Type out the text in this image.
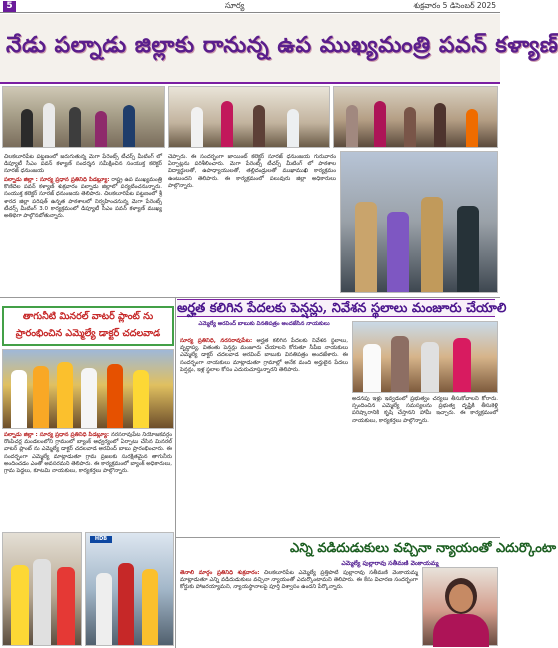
5	సూర్య	శుక్రవారం 5 డిసెంబర్ 2025
నేడు పల్నాడు జిల్లాకు రానున్న ఉప ముఖ్యమంత్రి పవన్ కళ్యాణ్
చిలకలూరిపేట పట్టణంలో జరుగుతున్న మెగా పేరెంట్స్ టీచర్స్ మీటింగ్ లో డిప్యూటీ సీఎం పవన్ కళ్యాణ్ సందర్శన సమీక్షించిన సంయుక్త కలెక్టర్ సూరజ్ ధనుంజయ
పల్నాడు జిల్లా : సూర్య ప్రధాన ప్రతినిధి పిడబ్ల్యూ: రాష్ట్ర ఉప ముఖ్యమంత్రి కొణిదెల పవన్ కళ్యాణ్ శుక్రవారం పల్నాడు జిల్లాలో పర్యటించనున్నారు. సంయుక్త కలెక్టర్ సూరజ్ ధనుంజయ తెలిపారు. చిలకలూరిపేట పట్టణంలో శ్రీ శారద జిల్లా పరిషత్ ఉన్నత పాఠశాలలో నిర్వహించనున్న మెగా పేరెంట్స్ టీచర్స్ మీటింగ్ 3.0 కార్యక్రమంలో డిప్యూటీ సీఎం పవన్ కళ్యాణ్ ముఖ్య అతిథిగా పాల్గొనబోతున్నారు.
చెప్పారు. ఈ సందర్భంగా జాయింట్ కలెక్టర్ సూరజ్ ధనుంజయ గురువారం ఏర్పాట్లను పరిశీలించారు. మెగా పేరెంట్స్ టీచర్స్ మీటింగ్ లో పాఠశాల విద్యార్థులతో, ఉపాధ్యాయులతో, తల్లిదండ్రులతో ముఖాముఖి కార్యక్రమం ఉంటుందని తెలిపారు. ఈ కార్యక్రమంలో పలువురు జిల్లా అధికారులు పాల్గొన్నారు.
తాగునీటి మినరల్ వాటర్ ప్లాంట్ ను
ప్రారంభించిన ఎమ్మెల్యే డాక్టర్ చదలవాడ
పల్నాడు జిల్లా : సూర్య ప్రధాన ప్రతినిధి పిడబ్ల్యూ: నరసరావుపేట నియోజకవర్గం రొంపిచర్ల మండలంలోని గ్రామంలో బ్యాంక్ ఆధ్వర్యంలో ఏర్పాటు చేసిన మినరల్ వాటర్ ప్లాంట్ ను ఎమ్మెల్యే డాక్టర్ చదలవాడ అరవింద్ బాబు ప్రారంభించారు. ఈ సందర్భంగా ఎమ్మెల్యే మాట్లాడుతూ గ్రామ ప్రజలకు సురక్షితమైన తాగునీరు అందించడం ఎంతో అవసరమని తెలిపారు. ఈ కార్యక్రమంలో బ్యాంక్ అధికారులు, గ్రామ పెద్దలు, కూటమి నాయకులు, కార్యకర్తలు పాల్గొన్నారు.
HDB
అర్హత కలిగిన పేదలకు పెన్షన్లు, నివేశన స్థలాలు మంజూరు చేయాలి
ఎమ్మెల్యే అరవింద్ బాబుకు వినతిపత్రం అందజేసిన నాయకులు
సూర్య ప్రతినిధి, నరసరావుపేట: అర్హత కలిగిన పేదలకు నివేశన స్థలాలు, వృద్ధాప్య, వితంతు పెన్షన్లు మంజూరు చేయాలని కోరుతూ సీపీఐ నాయకులు ఎమ్మెల్యే డాక్టర్ చదలవాడ అరవింద్ బాబుకు వినతిపత్రం అందజేశారు. ఈ సందర్భంగా నాయకులు మాట్లాడుతూ గ్రామాల్లో అనేక మంది అర్హులైన పేదలు పెన్షన్లు, ఇళ్ల స్థలాల కోసం ఎదురుచూస్తున్నారని తెలిపారు.
అదనపు ఇళ్లు ఇవ్వడంలో ప్రభుత్వం చర్యలు తీసుకోవాలని కోరారు. స్పందించిన ఎమ్మెల్యే సమస్యలను ప్రభుత్వ దృష్టికి తీసుకెళ్లి పరిష్కారానికి కృషి చేస్తానని హామీ ఇచ్చారు. ఈ కార్యక్రమంలో నాయకులు, కార్యకర్తలు పాల్గొన్నారు.
ఎన్ని వడిదుడుకులు వచ్చినా న్యాయంతో ఎదుర్కొంటా
ఎమ్మెల్యే పుల్లారావు సతీమణి వెంకాయమ్మ
తెనాలి మార్గం ప్రతినిధి శుక్రవారం: చిలకలూరిపేట ఎమ్మెల్యే ప్రత్తిపాటి పుల్లారావు సతీమణి వెంకాయమ్మ మాట్లాడుతూ ఎన్ని వడిదుడుకులు వచ్చినా న్యాయంతో ఎదుర్కొంటామని తెలిపారు. ఈ కేసు విచారణ సందర్భంగా కోర్టుకు హాజరయ్యామని, న్యాయస్థానాలపై పూర్తి విశ్వాసం ఉందని పేర్కొన్నారు.
